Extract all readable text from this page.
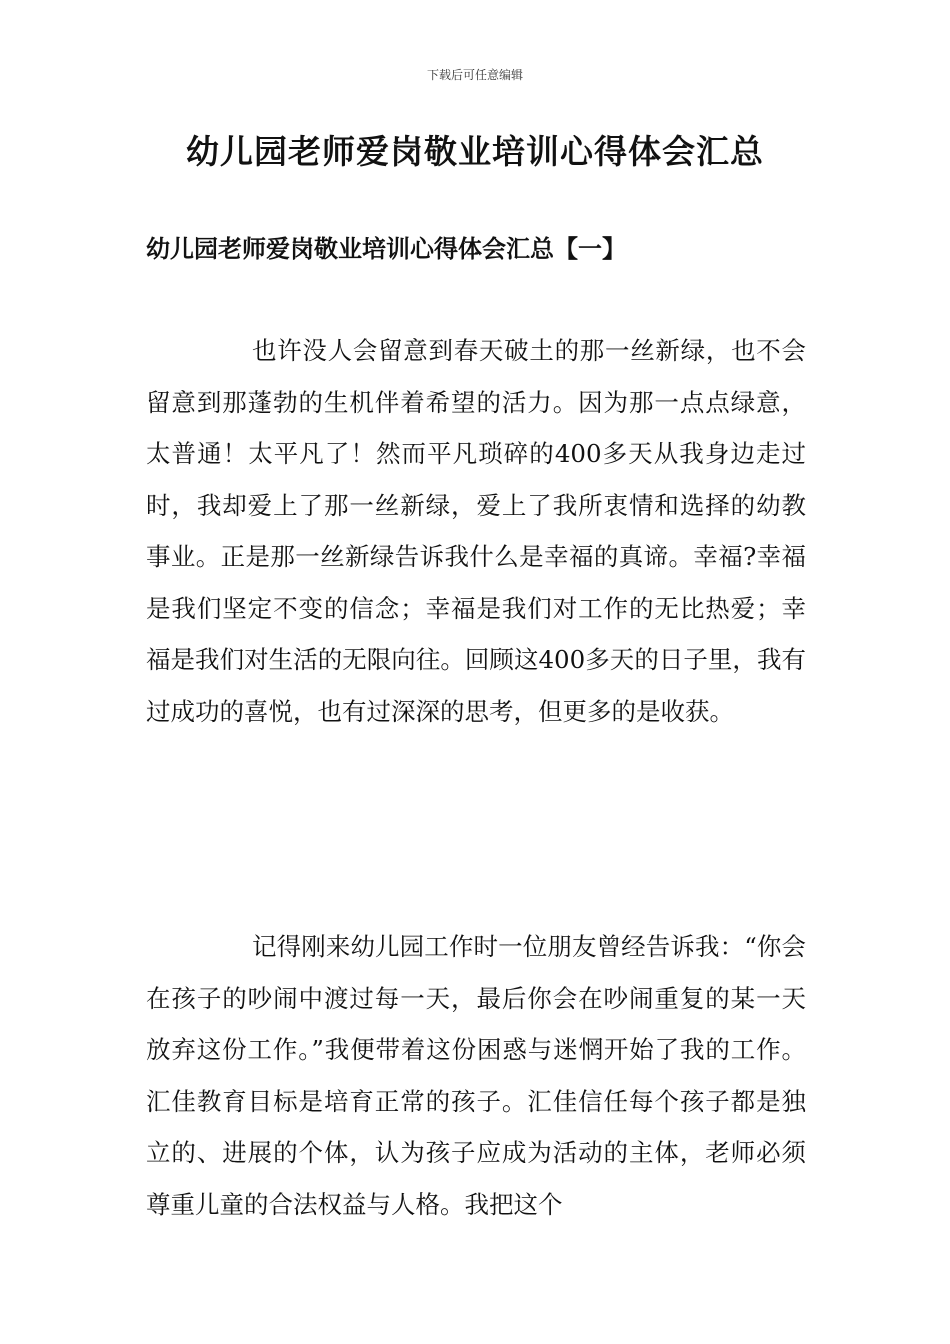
下载后可任意编辑
幼儿园老师爱岗敬业培训心得体会汇总
幼儿园老师爱岗敬业培训心得体会汇总【一】

也许没人会留意到春天破土的那一丝新绿，也不会留意到那蓬勃的生机伴着希望的活力。因为那一点点绿意，太普通！太平凡了！然而平凡琐碎的400多天从我身边走过时，我却爱上了那一丝新绿，爱上了我所衷情和选择的幼教事业。正是那一丝新绿告诉我什么是幸福的真谛。幸福?幸福是我们坚定不变的信念；幸福是我们对工作的无比热爱；幸福是我们对生活的无限向往。回顾这400多天的日子里，我有过成功的喜悦，也有过深深的思考，但更多的是收获。

记得刚来幼儿园工作时一位朋友曾经告诉我：“你会在孩子的吵闹中渡过每一天，最后你会在吵闹重复的某一天放弃这份工作。”我便带着这份困惑与迷惘开始了我的工作。汇佳教育目标是培育正常的孩子。汇佳信任每个孩子都是独立的、进展的个体，认为孩子应成为活动的主体，老师必须尊重儿童的合法权益与人格。我把这个
